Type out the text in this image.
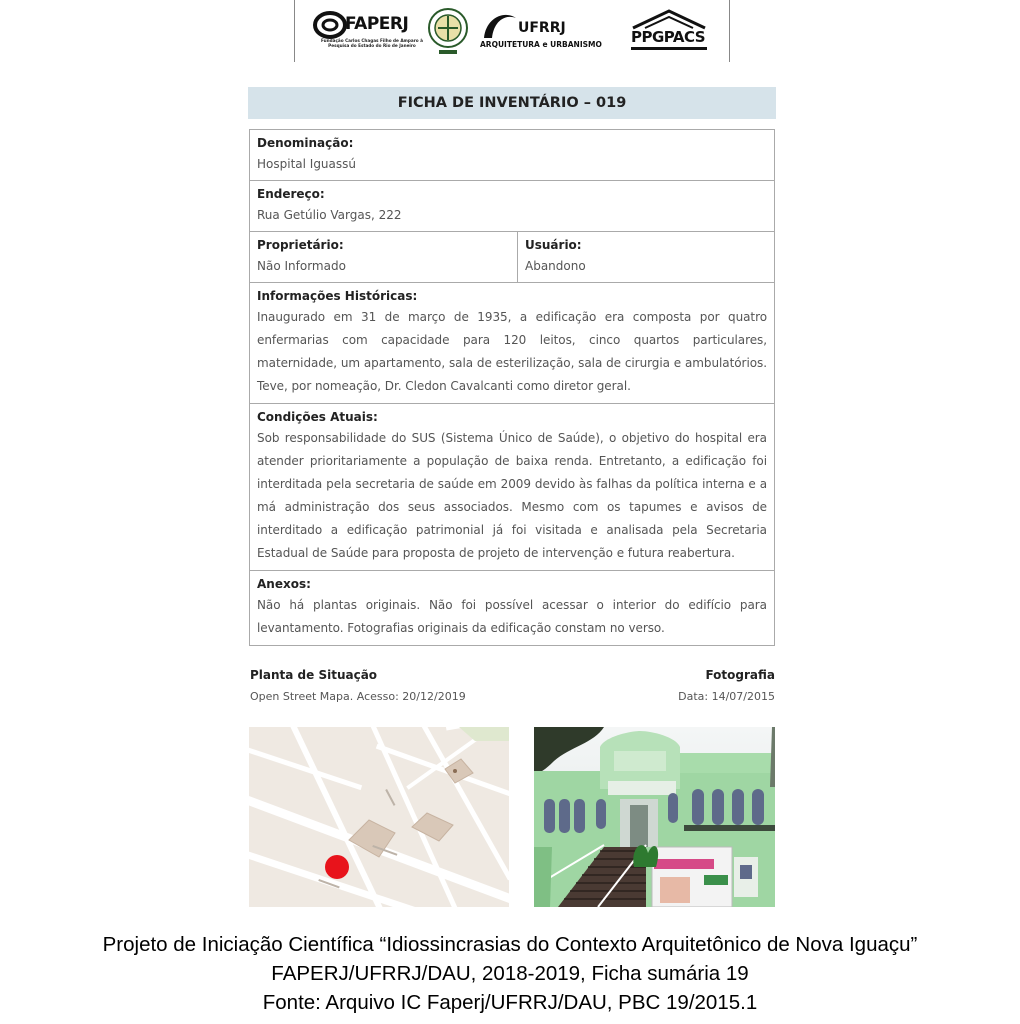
FAPERJ
Fundação Carlos Chagas Filho de Amparo à Pesquisa do Estado do Rio de Janeiro
UFRRJ
ARQUITETURA e URBANISMO	PPGPACS
FICHA DE INVENTÁRIO – 019
Denominação:
Hospital Iguassú
Endereço:
Rua Getúlio Vargas, 222
Proprietário:
Não Informado
Usuário:
Abandono
Informações Históricas:
Inaugurado em 31 de março de 1935, a edificação era composta por quatro enfermarias com capacidade para 120 leitos, cinco quartos particulares, maternidade, um apartamento, sala de esterilização, sala de cirurgia e ambulatórios. Teve, por nomeação, Dr. Cledon Cavalcanti como diretor geral.
Condições Atuais:
Sob responsabilidade do SUS (Sistema Único de Saúde), o objetivo do hospital era atender prioritariamente a população de baixa renda. Entretanto, a edificação foi interditada pela secretaria de saúde em 2009 devido às falhas da política interna e a má administração dos seus associados. Mesmo com os tapumes e avisos de interditado a edificação patrimonial já foi visitada e analisada pela Secretaria Estadual de Saúde para proposta de projeto de intervenção e futura reabertura.
Anexos:
Não há plantas originais. Não foi possível acessar o interior do edifício para levantamento. Fotografias originais da edificação constam no verso.
Planta de Situação
Open Street Mapa. Acesso: 20/12/2019
Fotografia
Data: 14/07/2015
Projeto de Iniciação Científica “Idiossincrasias do Contexto Arquitetônico de Nova Iguaçu”
FAPERJ/UFRRJ/DAU, 2018-2019, Ficha sumária 19
Fonte: Arquivo IC Faperj/UFRRJ/DAU, PBC 19/2015.1
